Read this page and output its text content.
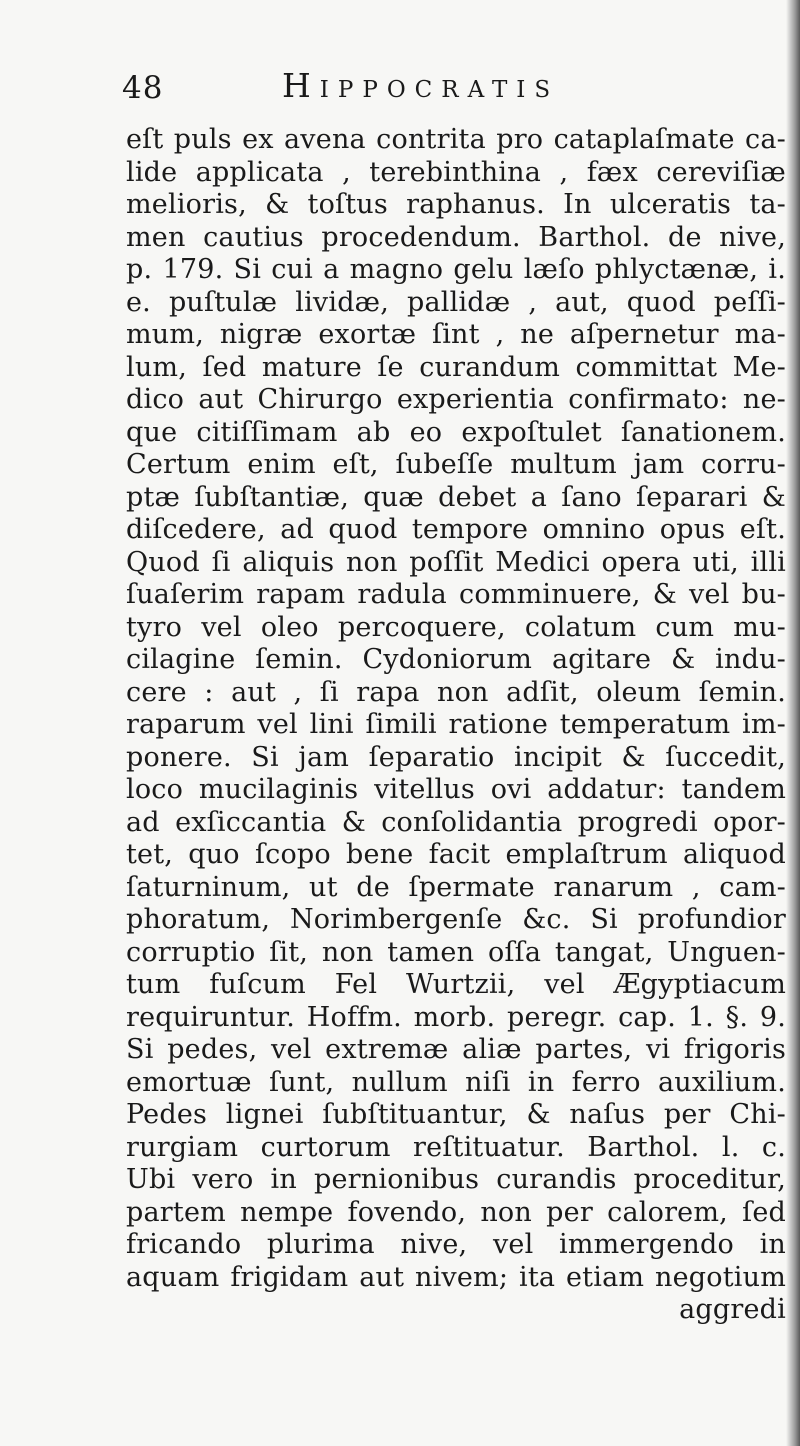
48	Hippocratis
eſt puls ex avena contrita pro cataplaſmate ca-
lide applicata , terebinthina , fæx cereviſiæ
melioris, & toſtus raphanus. In ulceratis ta-
men cautius procedendum. Barthol. de nive,
p. 179. Si cui a magno gelu læſo phlyctænæ, i.
e. puſtulæ lividæ, pallidæ , aut, quod peſſi-
mum, nigræ exortæ ſint , ne aſpernetur ma-
lum, ſed mature ſe curandum committat Me-
dico aut Chirurgo experientia confirmato: ne-
que citiſſimam ab eo expoſtulet ſanationem.
Certum enim eſt, ſubeſſe multum jam corru-
ptæ ſubſtantiæ, quæ debet a ſano ſeparari &
diſcedere, ad quod tempore omnino opus eſt.
Quod ſi aliquis non poſſit Medici opera uti, illi
ſuaſerim rapam radula comminuere, & vel bu-
tyro vel oleo percoquere, colatum cum mu-
cilagine ſemin. Cydoniorum agitare & indu-
cere : aut , ſi rapa non adſit, oleum ſemin.
raparum vel lini ſimili ratione temperatum im-
ponere. Si jam ſeparatio incipit & ſuccedit,
loco mucilaginis vitellus ovi addatur: tandem
ad exſiccantia & conſolidantia progredi opor-
tet, quo ſcopo bene facit emplaſtrum aliquod
ſaturninum, ut de ſpermate ranarum , cam-
phoratum, Norimbergenſe &c. Si profundior
corruptio ſit, non tamen oſſa tangat, Unguen-
tum fuſcum Fel Wurtzii, vel Ægyptiacum
requiruntur. Hoffm. morb. peregr. cap. 1. §. 9.
Si pedes, vel extremæ aliæ partes, vi frigoris
emortuæ ſunt, nullum niſi in ferro auxilium.
Pedes lignei ſubſtituantur, & naſus per Chi-
rurgiam curtorum reſtituatur. Barthol. l. c.
Ubi vero in pernionibus curandis proceditur,
partem nempe fovendo, non per calorem, ſed
fricando plurima nive, vel immergendo in
aquam frigidam aut nivem; ita etiam negotium
aggredi
